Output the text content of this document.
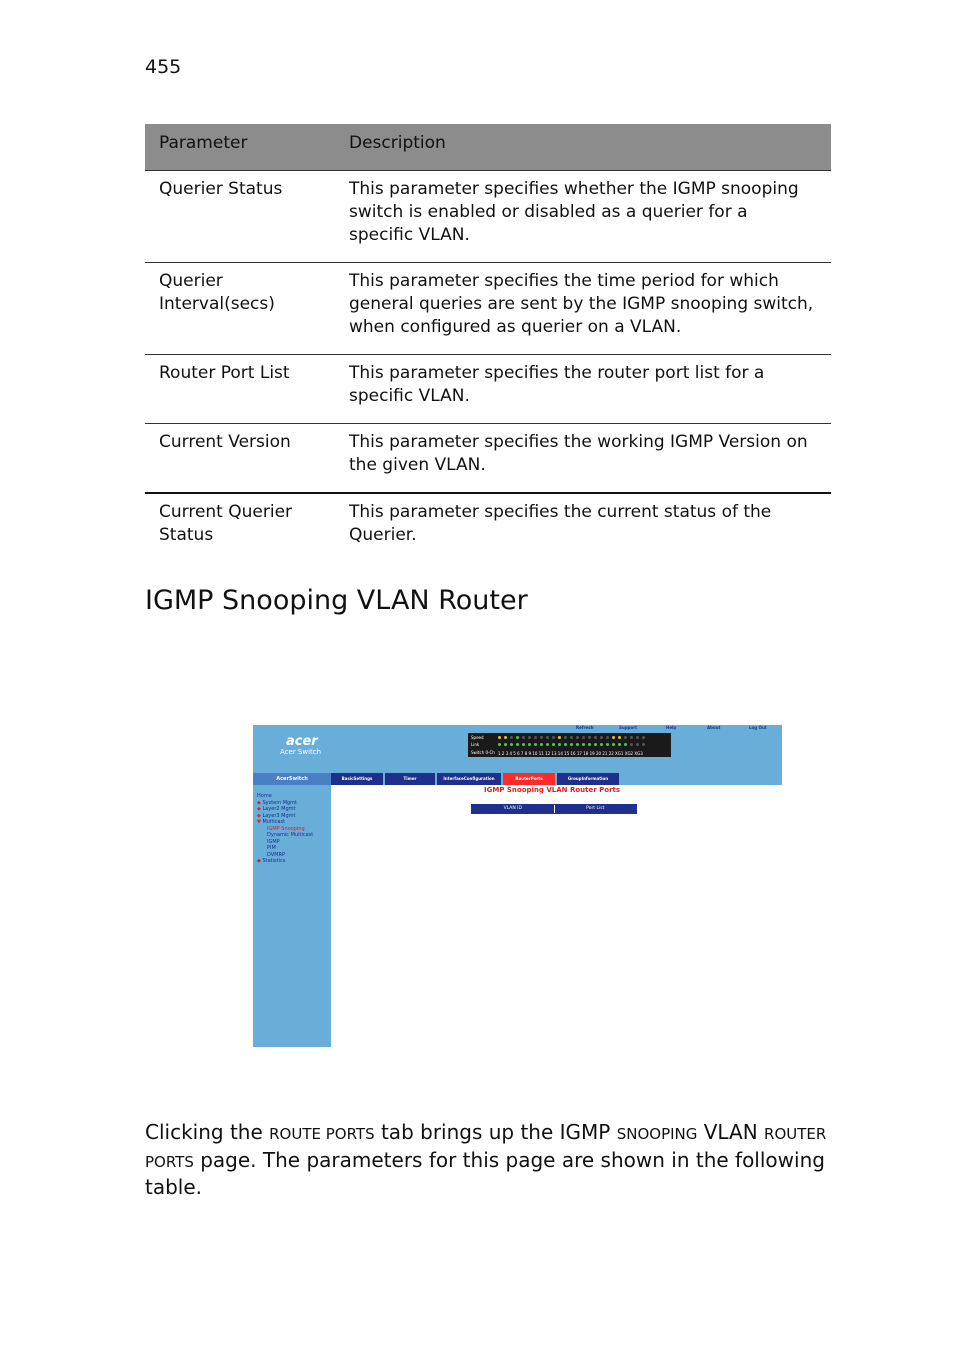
455
Parameter	Description
Querier Status	This parameter specifies whether the IGMP snooping switch is enabled or disabled as a querier for a specific VLAN.
Querier Interval(secs)	This parameter specifies the time period for which general queries are sent by the IGMP snooping switch, when configured as querier on a VLAN.
Router Port List	This parameter specifies the router port list for a specific VLAN.
Current Version	This parameter specifies the working IGMP Version on the given VLAN.
Current Querier Status	This parameter specifies the current status of the Querier.
IGMP Snooping VLAN Router
acer
Acer Switch
Refresh	Support	Help	About	Log Out
Speed
Link
Switch 0-Ch 1 2 3 4 5 6 7 8 9 10 11 12 13 14 15 16 17 18 19 20 21 22 XG1 XG2 XG3
AcerSwitch
Home
◆ System Mgmt
◆ Layer2 Mgmt
◆ Layer3 Mgmt
▼ Multicast
IGMP Snooping
Dynamic Multicast
IGMP
PIM
DVMRP
◆ Statistics
BasicSettings	Timer	InterfaceConfiguration	RouterPorts	GroupInformation
IGMP Snooping VLAN Router Ports
VLAN ID	Port List

Clicking the ROUTE PORTS tab brings up the IGMP SNOOPING VLAN ROUTER PORTS page. The parameters for this page are shown in the following table.
